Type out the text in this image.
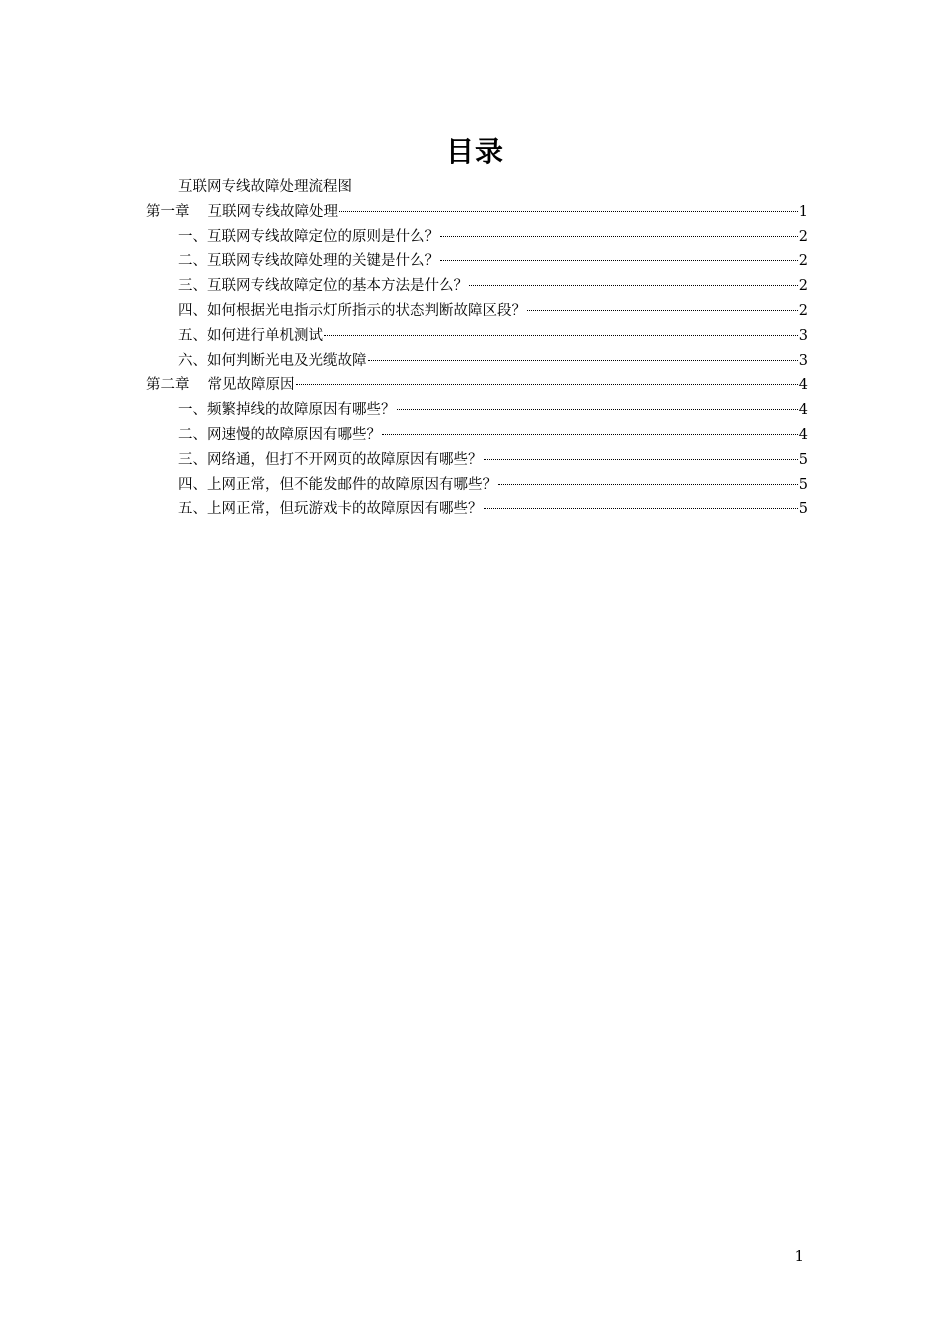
目录
互联网专线故障处理流程图
第一章 互联网专线故障处理	1
一、互联网专线故障定位的原则是什么？	2
二、互联网专线故障处理的关键是什么？	2
三、互联网专线故障定位的基本方法是什么？	2
四、如何根据光电指示灯所指示的状态判断故障区段？	2
五、如何进行单机测试	3
六、如何判断光电及光缆故障	3
第二章 常见故障原因	4
一、频繁掉线的故障原因有哪些？	4
二、网速慢的故障原因有哪些？	4
三、网络通，但打不开网页的故障原因有哪些？	5
四、上网正常，但不能发邮件的故障原因有哪些？	5
五、上网正常，但玩游戏卡的故障原因有哪些？	5
1
